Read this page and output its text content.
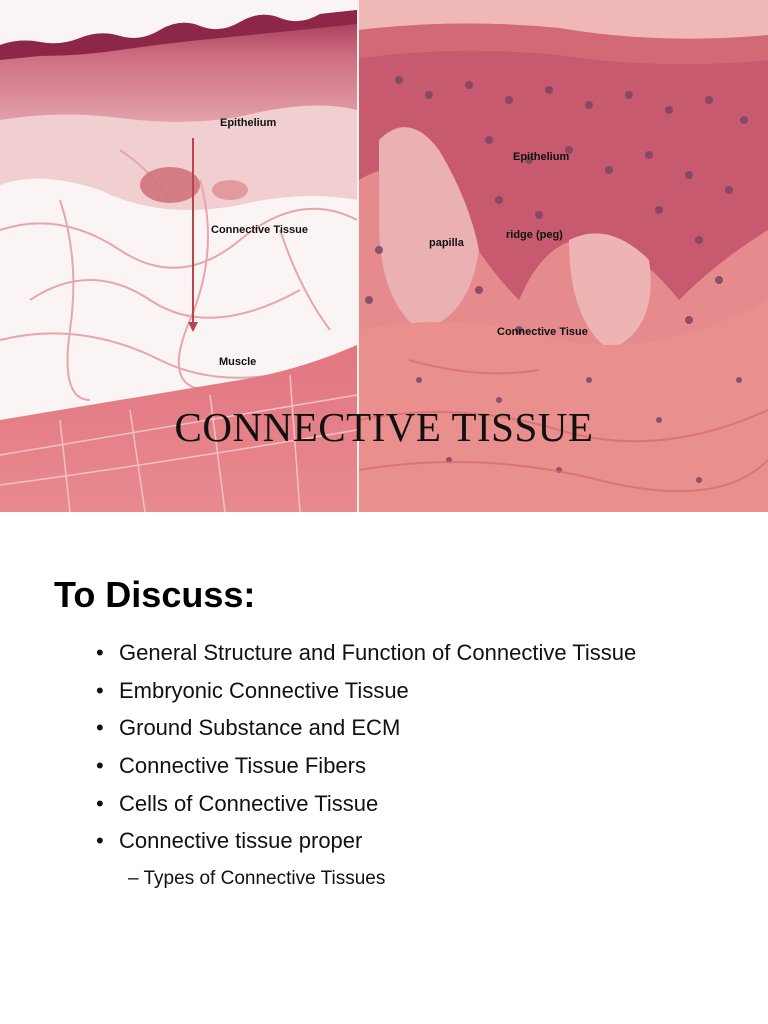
Epithelium
Connective Tissue
Muscle
Epithelium
papilla
ridge (peg)
Connective Tisue
CONNECTIVE TISSUE
To Discuss:
• General Structure and Function of Connective Tissue
• Embryonic Connective Tissue
• Ground Substance and ECM
• Connective Tissue Fibers
• Cells of Connective Tissue
• Connective tissue proper
– Types of Connective Tissues
